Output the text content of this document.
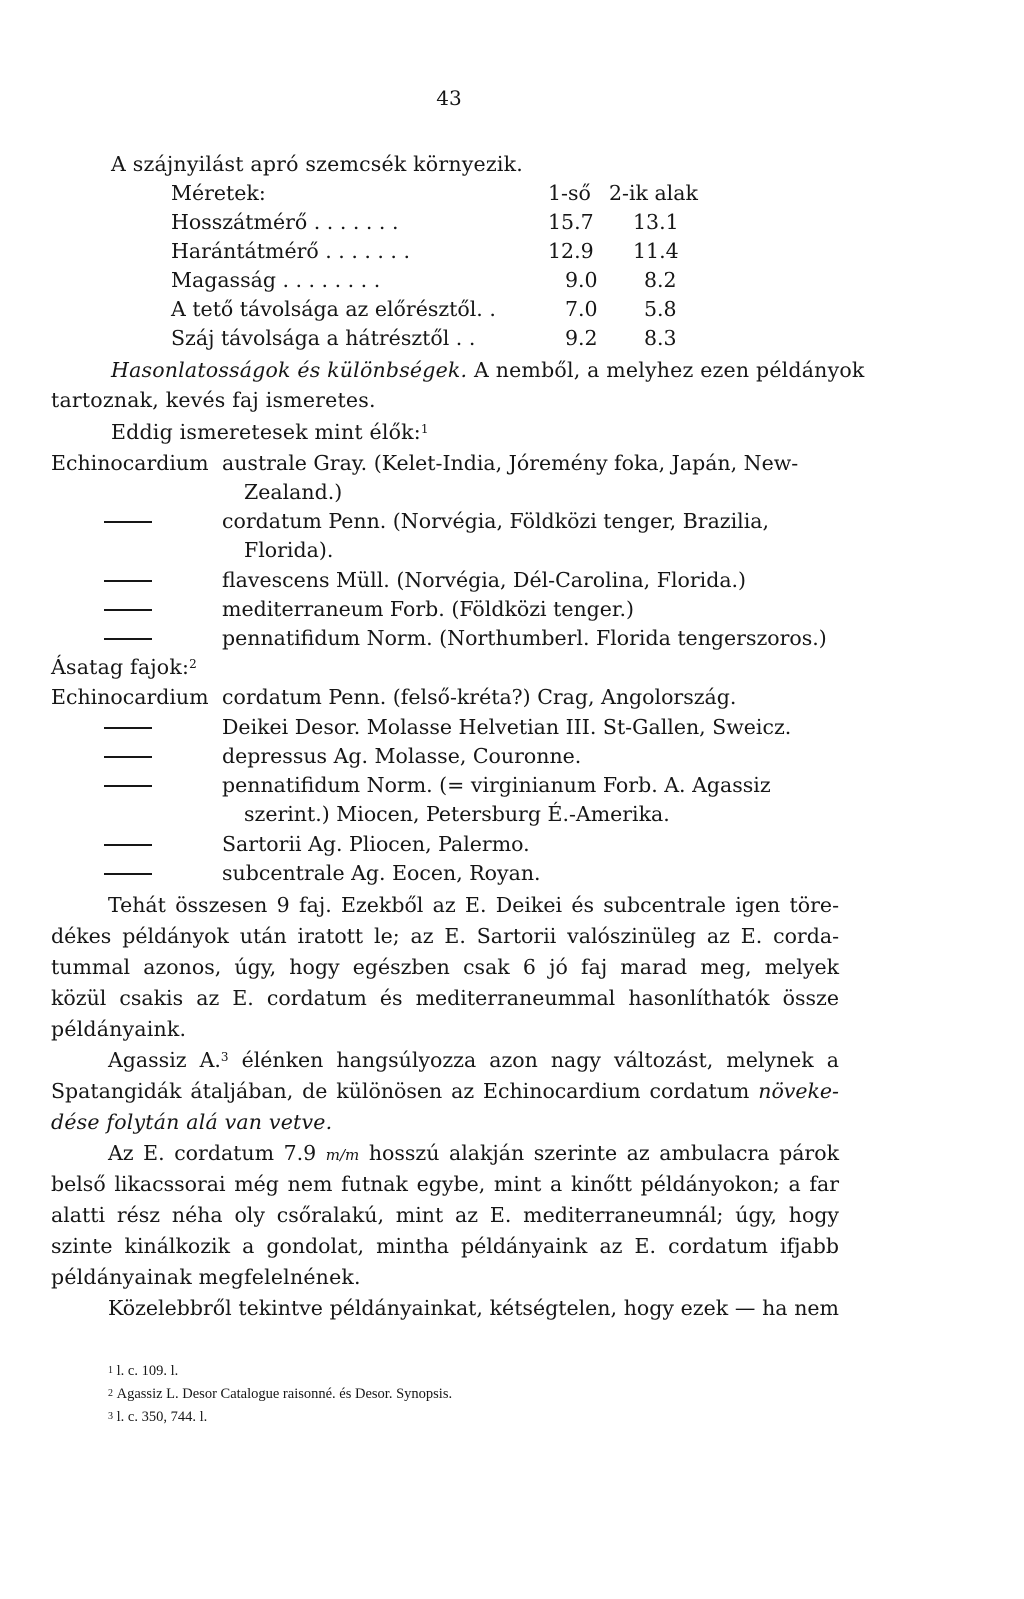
43
A szájnyilást apró szemcsék környezik.
Méretek:	1-ső 2-ik alak
Hosszátmérő . . . . . . .	15.7 13.1
Harántátmérő . . . . . . .	12.9 11.4
Magasság . . . . . . . .	9.0 8.2
A tető távolsága az előrésztől. .	7.0 5.8
Száj távolsága a hátrésztől . .	9.2 8.3
Hasonlatosságok és különbségek. A nemből, a melyhez ezen példányok
tartoznak, kevés faj ismeretes.
Eddig ismeretesek mint élők:$^1$
Echinocardium australe Gray. (Kelet-India, Jóremény foka, Japán, New-
Zealand.)
cordatum Penn. (Norvégia, Földközi tenger, Brazilia,
Florida).
flavescens Müll. (Norvégia, Dél-Carolina, Florida.)
mediterraneum Forb. (Földközi tenger.)
pennatifidum Norm. (Northumberl. Florida tengerszoros.)
Ásatag fajok:$^2$
Echinocardium cordatum Penn. (felső-kréta?) Crag, Angolország.
Deikei Desor. Molasse Helvetian III. St-Gallen, Sweicz.
depressus Ag. Molasse, Couronne.
pennatifidum Norm. (= virginianum Forb. A. Agassiz
szerint.) Miocen, Petersburg É.-Amerika.
Sartorii Ag. Pliocen, Palermo.
subcentrale Ag. Eocen, Royan.
Tehát összesen 9 faj. Ezekből az E. Deikei és subcentrale igen töre-
dékes példányok után iratott le; az E. Sartorii valószinüleg az E. corda-
tummal azonos, úgy, hogy egészben csak 6 jó faj marad meg, melyek
közül csakis az E. cordatum és mediterraneummal hasonlíthatók össze
példányaink.
Agassiz A.$^3$ élénken hangsúlyozza azon nagy változást, melynek a
Spatangidák átaljában, de különösen az Echinocardium cordatum növeke-
dése folytán alá van vetve.
Az E. cordatum 7.9 m/m hosszú alakján szerinte az ambulacra párok
belső likacssorai még nem futnak egybe, mint a kinőtt példányokon; a far
alatti rész néha oly csőralakú, mint az E. mediterraneumnál; úgy, hogy
szinte kinálkozik a gondolat, mintha példányaink az E. cordatum ifjabb
példányainak megfelelnének.
Közelebbről tekintve példányainkat, kétségtelen, hogy ezek — ha nem
$^1$ l. c. 109. l.
$^2$ Agassiz L. Desor Catalogue raisonné. és Desor. Synopsis.
$^3$ l. c. 350, 744. l.
